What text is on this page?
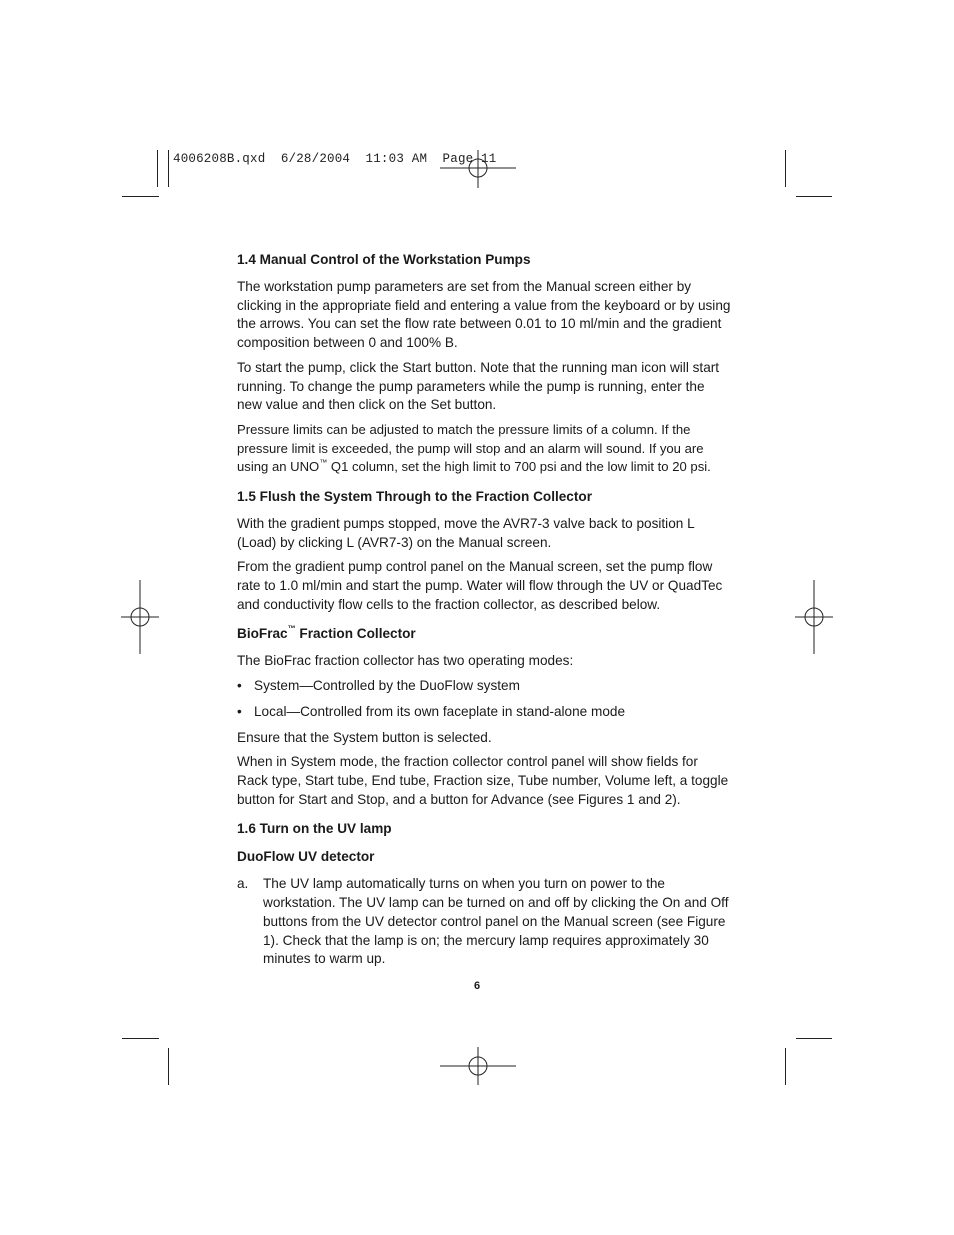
4006208B.qxd  6/28/2004  11:03 AM  Page 11
1.4 Manual Control of the Workstation Pumps

The workstation pump parameters are set from the Manual screen either by clicking in the appropriate field and entering a value from the keyboard or by using the arrows. You can set the flow rate between 0.01 to 10 ml/min and the gradient composition between 0 and 100% B.

To start the pump, click the Start button. Note that the running man icon will start running. To change the pump parameters while the pump is running, enter the new value and then click on the Set button.

Pressure limits can be adjusted to match the pressure limits of a column. If the pressure limit is exceeded, the pump will stop and an alarm will sound. If you are using an UNO™ Q1 column, set the high limit to 700 psi and the low limit to 20 psi.

1.5 Flush the System Through to the Fraction Collector

With the gradient pumps stopped, move the AVR7-3 valve back to position L (Load) by clicking L (AVR7-3) on the Manual screen.

From the gradient pump control panel on the Manual screen, set the pump flow rate to 1.0 ml/min and start the pump. Water will flow through the UV or QuadTec and conductivity flow cells to the fraction collector, as described below.

BioFrac™ Fraction Collector

The BioFrac fraction collector has two operating modes:

• System—Controlled by the DuoFlow system
• Local—Controlled from its own faceplate in stand-alone mode

Ensure that the System button is selected.

When in System mode, the fraction collector control panel will show fields for Rack type, Start tube, End tube, Fraction size, Tube number, Volume left, a toggle button for Start and Stop, and a button for Advance (see Figures 1 and 2).

1.6 Turn on the UV lamp
DuoFlow UV detector
a.	The UV lamp automatically turns on when you turn on power to the workstation. The UV lamp can be turned on and off by clicking the On and Off buttons from the UV detector control panel on the Manual screen (see Figure 1). Check that the lamp is on; the mercury lamp requires approximately 30 minutes to warm up.
6
